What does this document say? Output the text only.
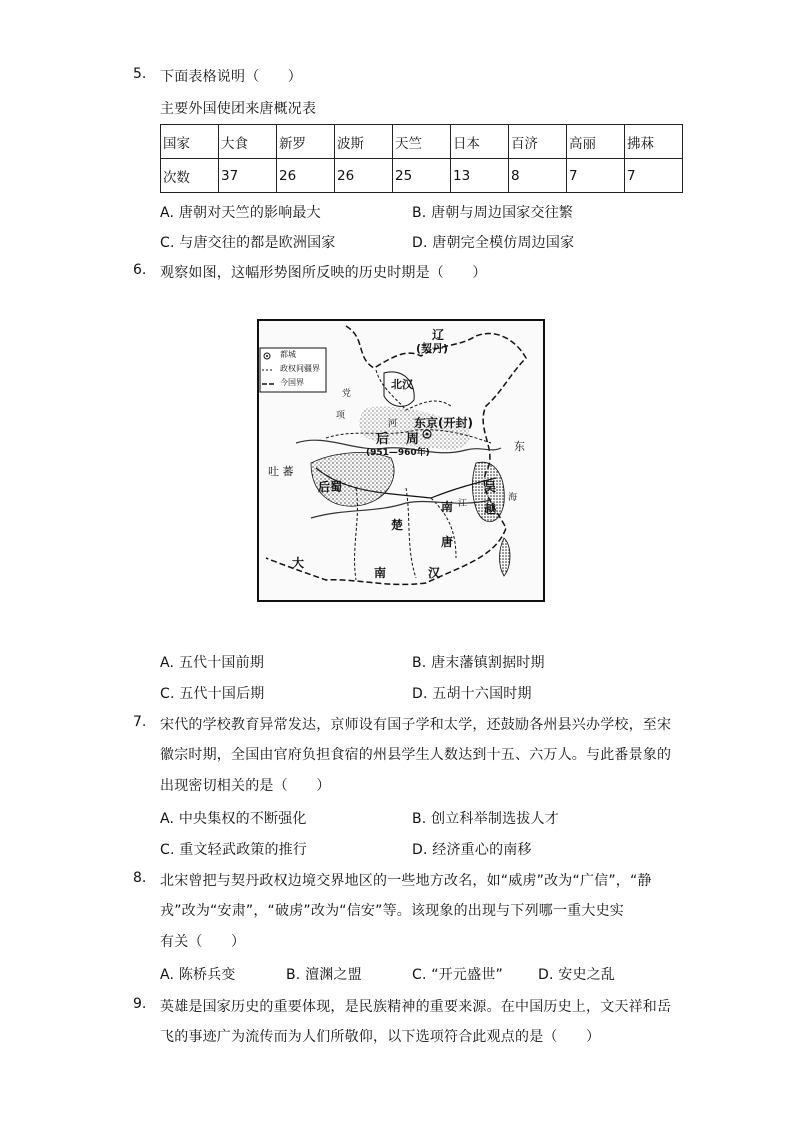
5. 下面表格说明（　　）
主要外国使团来唐概况表
国家	大食	新罗	波斯	天竺	日本	百济	高丽	拂菻
次数	37	26	26	25	13	8	7	7
A. 唐朝对天竺的影响最大	B. 唐朝与周边国家交往繁
C. 与唐交往的都是欧洲国家	D. 唐朝完全模仿周边国家
6. 观察如图，这幅形势图所反映的历史时期是（　　）
都城
政权间疆界
今国界
辽
(契丹)
北汉
东京(开封)
后 周
(951—960年)	东
吐 蕃
后蜀	吴
越
南
唐
楚
南	汉
大
河
江
海
项
党
A. 五代十国前期	B. 唐末藩镇割据时期
C. 五代十国后期	D. 五胡十六国时期
7. 宋代的学校教育异常发达，京师设有国子学和太学，还鼓励各州县兴办学校，至宋
徽宗时期，全国由官府负担食宿的州县学生人数达到十五、六万人。与此番景象的
出现密切相关的是（　　）
A. 中央集权的不断强化	B. 创立科举制选拔人才
C. 重文轻武政策的推行	D. 经济重心的南移
8. 北宋曾把与契丹政权边境交界地区的一些地方改名，如“威虏”改为“广信”，“静
戎”改为“安肃”，“破虏”改为“信安”等。该现象的出现与下列哪一重大史实
有关（　　）
A. 陈桥兵变	B. 澶渊之盟	C. “开元盛世”	D. 安史之乱
9. 英雄是国家历史的重要体现，是民族精神的重要来源。在中国历史上，文天祥和岳
飞的事迹广为流传而为人们所敬仰，以下选项符合此观点的是（　　）
